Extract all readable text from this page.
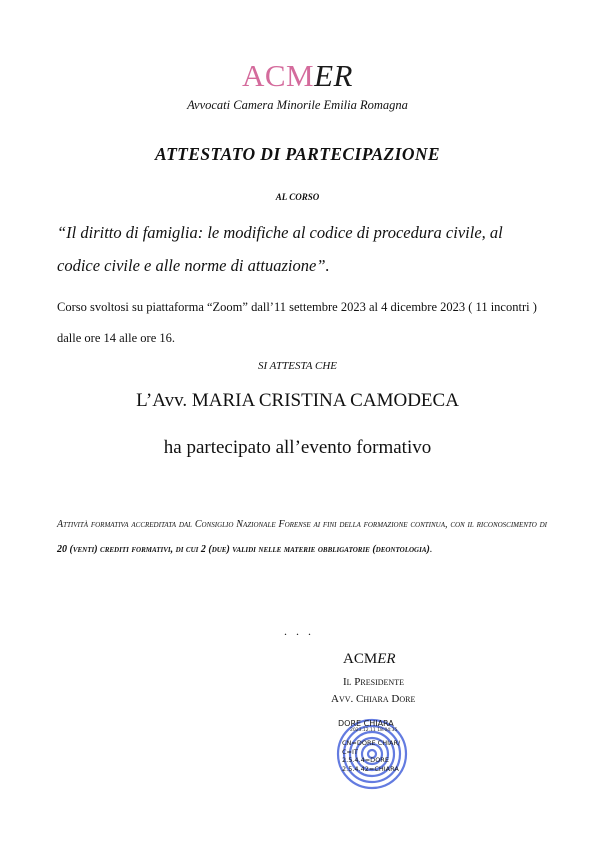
ACMER
Avvocati Camera Minorile Emilia Romagna
ATTESTATO DI PARTECIPAZIONE
AL CORSO
“Il diritto di famiglia: le modifiche al codice di procedura civile, al codice civile e alle norme di attuazione”.
Corso svoltosi su piattaforma “Zoom” dall’11 settembre 2023 al 4 dicembre 2023 ( 11 incontri ) dalle ore 14 alle ore 16.
SI ATTESTA CHE
L’Avv. MARIA CRISTINA CAMODECA
ha partecipato all’evento formativo
Attività formativa accreditata dal Consiglio Nazionale Forense ai fini della formazione continua, con il riconoscimento di 20 (venti) crediti formativi, di cui 2 (due) validi nelle materie obbligatorie (deontologia).
. . .
ACMER
Il Presidente
Avv. Chiara Dore
DORE CHIARA
2023.12.11 18:04:35
CN=DORE CHIAR/
C=IT
2.5.4.4=DORE
2.5.4.42=CHIARA
